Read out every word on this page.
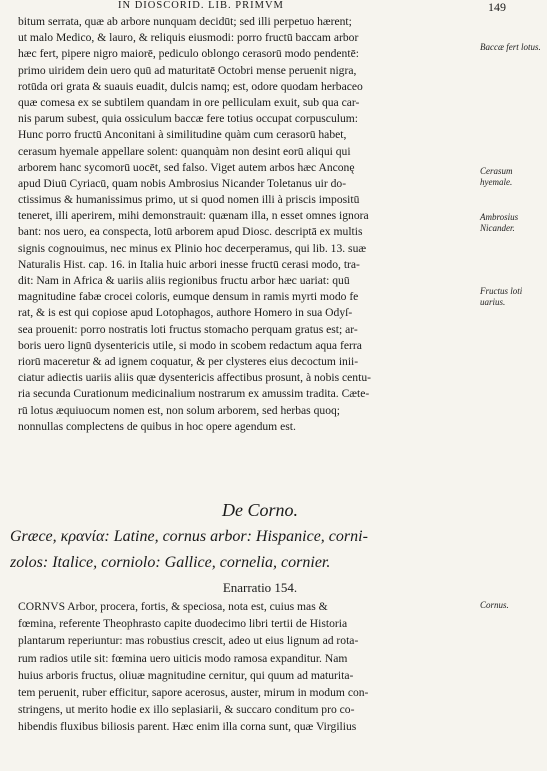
IN DIOSCORID. LIB. PRIMVM	149
bitum serrata, quæ ab arbore nunquam decidūt; sed illi perpetuo hærent;
ut malo Medico, & lauro, & reliquis eiusmodi: porro fructū baccam arbor
hæc fert, pipere nigro maiorē, pediculo oblongo cerasorū modo pendentē:
primo uiridem dein uero quū ad maturitatē Octobri mense peruenit nigra,
rotūda ori grata & suauis euadit, dulcis namq; est, odore quodam herbaceo
quæ comesa ex se subtilem quandam in ore pelliculam exuit, sub qua car-
nis parum subest, quia ossiculum baccæ fere totius occupat corpusculum:
Hunc porro fructū Anconitani à similitudine quàm cum cerasorū habet,
cerasum hyemale appellare solent: quanquàm non desint eorū aliqui qui
arborem hanc sycomorū uocēt, sed falso. Viget autem arbos hæc Anconę
apud Diuū Cyriacū, quam nobis Ambrosius Nicander Toletanus uir do-
ctissimus & humanissimus primo, ut si quod nomen illi à priscis impositū
teneret, illi aperirem, mihi demonstrauit: quænam illa, n esset omnes ignora
bant: nos uero, ea conspecta, lotū arborem apud Diosc. descriptā ex multis
signis cognouimus, nec minus ex Plinio hoc decerperamus, qui lib. 13. suæ
Naturalis Hist. cap. 16. in Italia huic arbori inesse fructū cerasi modo, tra-
dit: Nam in Africa & uariis aliis regionibus fructu arbor hæc uariat: quū
magnitudine fabæ crocei coloris, eumque densum in ramis myrti modo fe
rat, & is est qui copiose apud Lotophagos, authore Homero in sua Odyſ-
sea prouenit: porro nostratis loti fructus stomacho perquam gratus est; ar-
boris uero lignū dysentericis utile, si modo in scobem redactum aqua ferra
riorū maceretur & ad ignem coquatur, & per clysteres eius decoctum inii-
ciatur adiectis uariis aliis quæ dysentericis affectibus prosunt, à nobis centu-
ria secunda Curationum medicinalium nostrarum ex amussim tradita. Cæte-
rū lotus æquiuocum nomen est, non solum arborem, sed herbas quoq;
nonnullas complectens de quibus in hoc opere agendum est.
De Corno.
Græce, κρανία: Latine, cornus arbor: Hispanice, corni-
zolos: Italice, corniolo: Gallice, cornelia, cornier.
Enarratio 154.
CORNVS Arbor, procera, fortis, & speciosa, nota est, cuius mas &
fœmina, referente Theophrasto capite duodecimo libri tertii de Historia
plantarum reperiuntur: mas robustius crescit, adeo ut eius lignum ad rota-
rum radios utile sit: fœmina uero uiticis modo ramosa expanditur. Nam
huius arboris fructus, oliuæ magnitudine cernitur, qui quum ad maturita-
tem peruenit, ruber efficitur, sapore acerosus, auster, mirum in modum con-
stringens, ut merito hodie ex illo seplasiarii, & succaro conditum pro co-
hibendis fluxibus biliosis parent. Hæc enim illa corna sunt, quæ Virgilius
Baccæ fert lotus.
Cerasum hyemale.
Ambrosius Nicander.
Fructus loti uarius.
Cornus.
